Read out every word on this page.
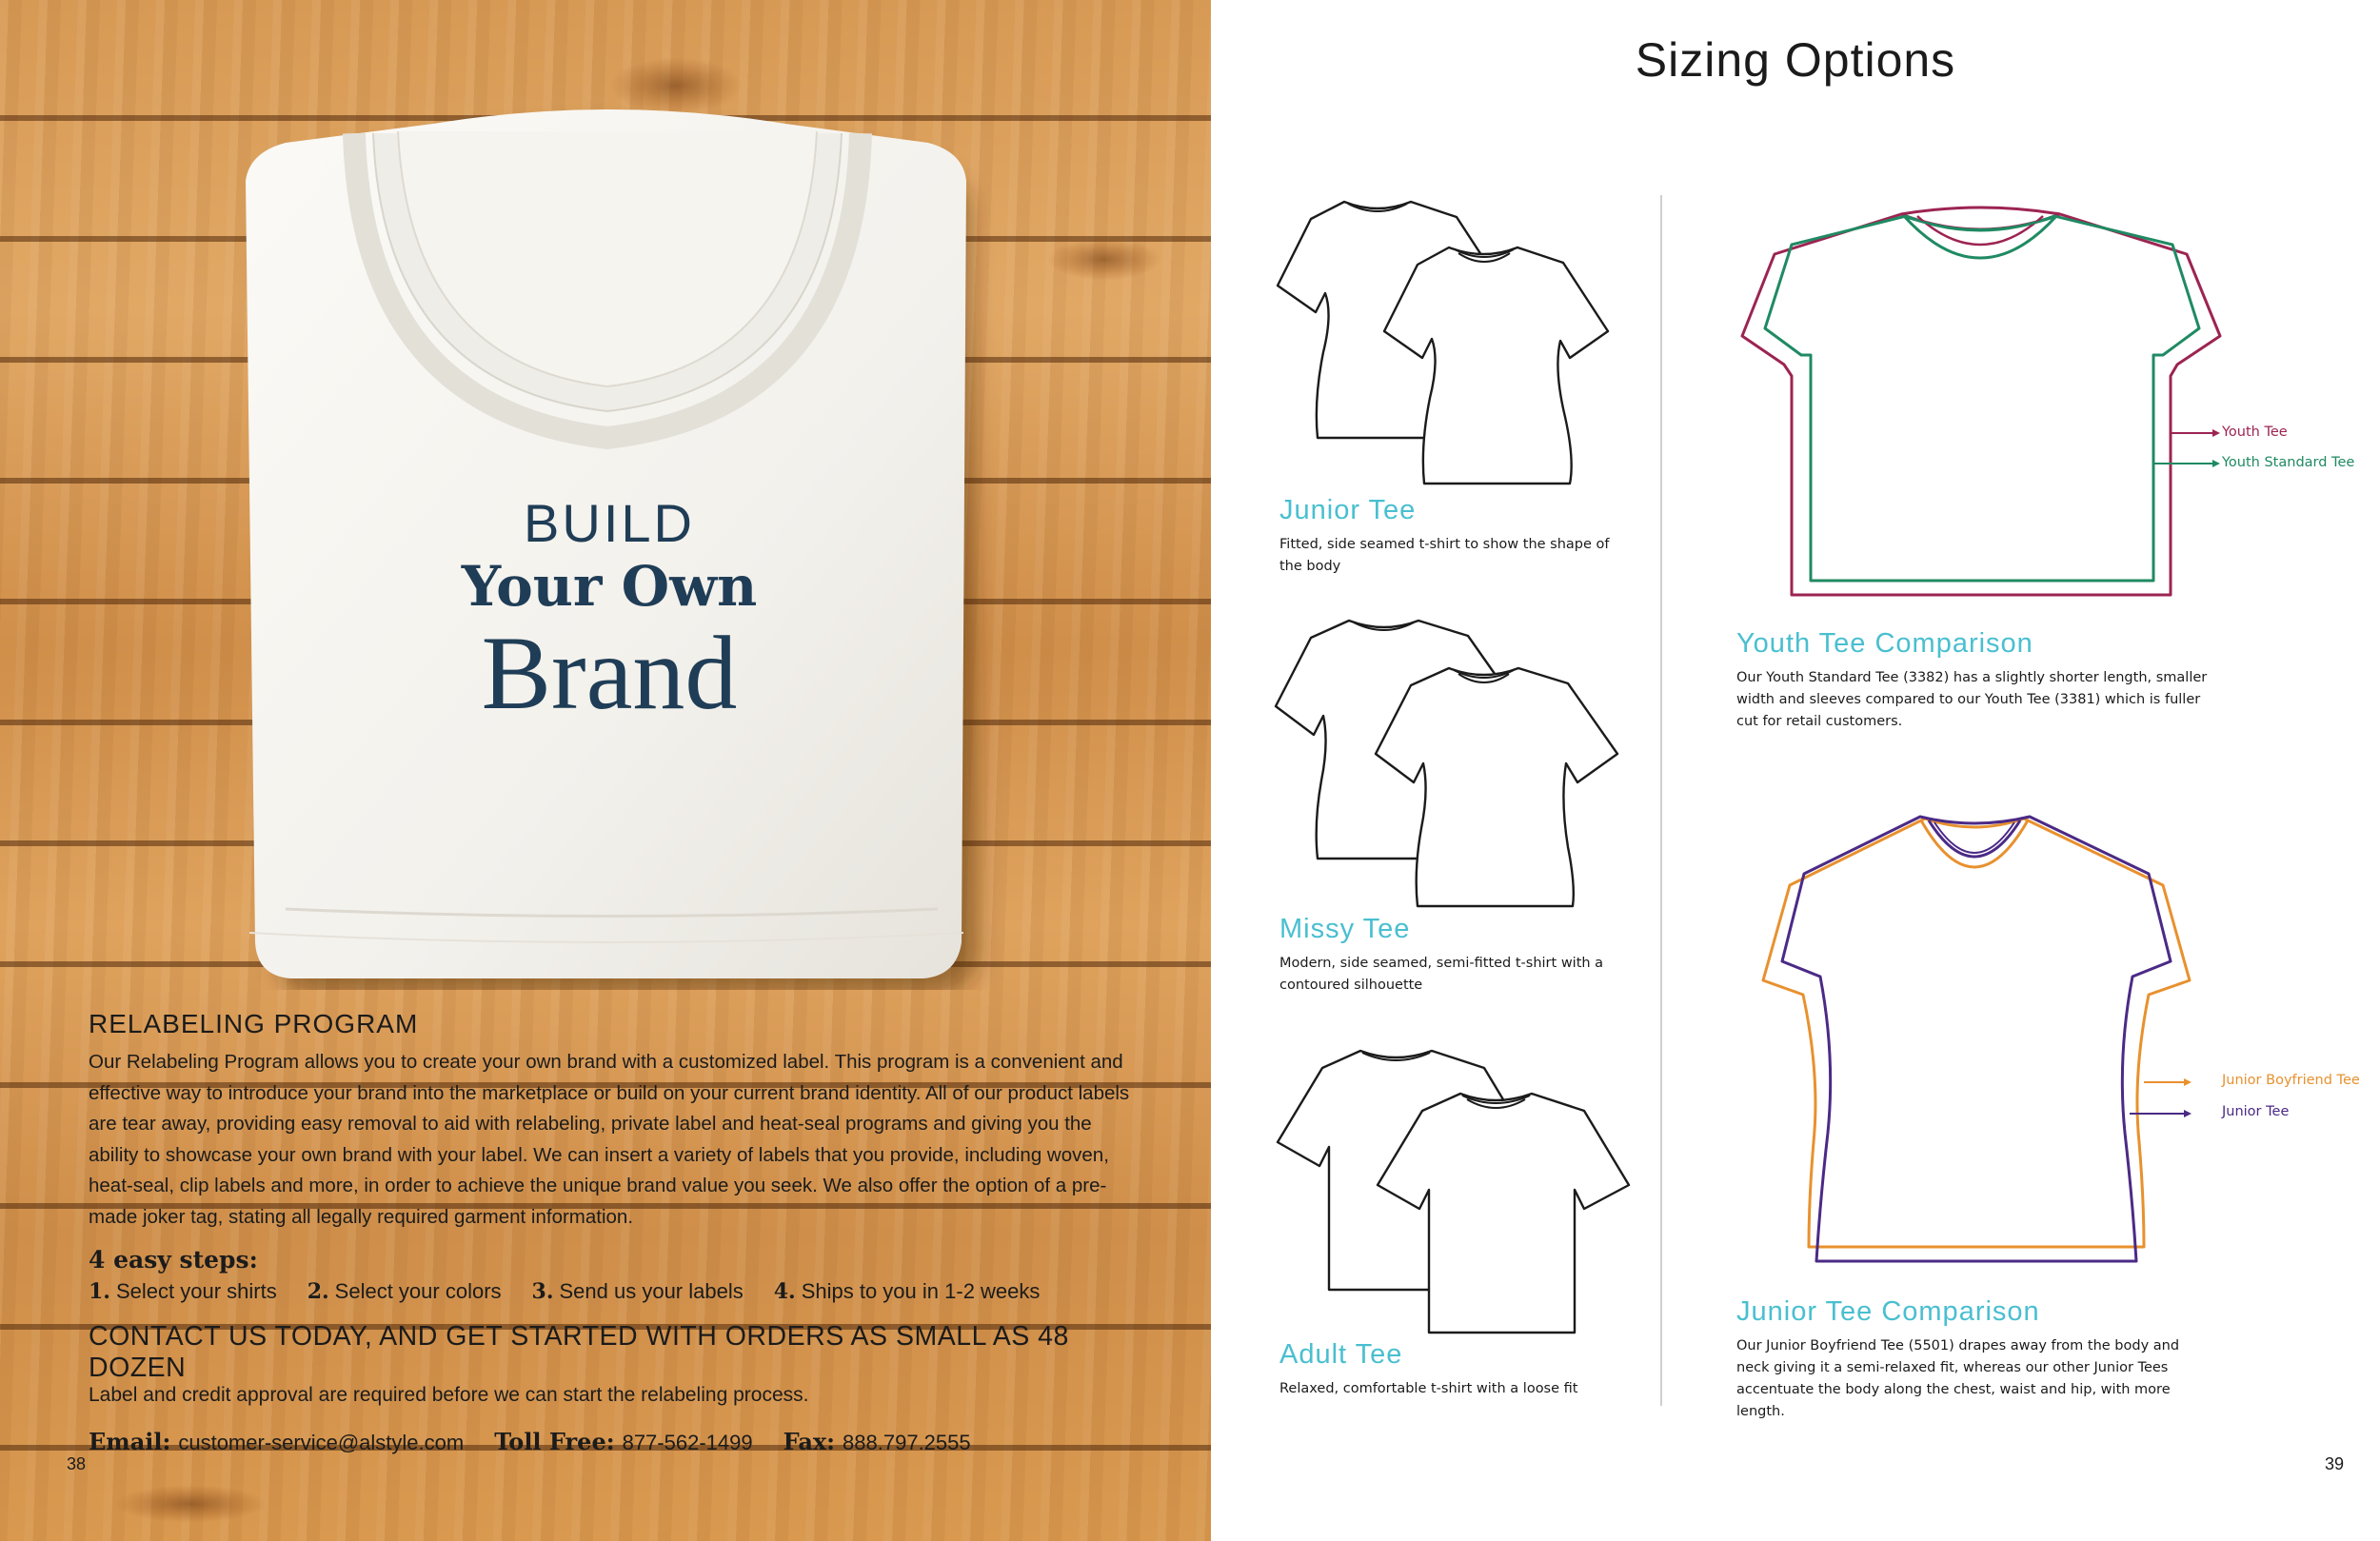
BUILD
Your Own
Brand
RELABELING PROGRAM
Our Relabeling Program allows you to create your own brand with a customized label. This program is a convenient and effective way to introduce your brand into the marketplace or build on your current brand identity. All of our product labels are tear away, providing easy removal to aid with relabeling, private label and heat-seal programs and giving you the ability to showcase your own brand with your label. We can insert a variety of labels that you provide, including woven, heat-seal, clip labels and more, in order to achieve the unique brand value you seek. We also offer the option of a pre-made joker tag, stating all legally required garment information.
4 easy steps:
1. Select your shirts 2. Select your colors 3. Send us your labels 4. Ships to you in 1-2 weeks
CONTACT US TODAY, AND GET STARTED WITH ORDERS AS SMALL AS 48 DOZEN
Label and credit approval are required before we can start the relabeling process.
Email: customer-service@alstyle.com Toll Free: 877-562-1499 Fax: 888.797.2555
38
Sizing Options
Junior Tee
Fitted, side seamed t-shirt to show the shape of the body
Missy Tee
Modern, side seamed, semi-fitted t-shirt with a contoured silhouette
Adult Tee
Relaxed, comfortable t-shirt with a loose fit
Youth Tee
Youth Standard Tee
Youth Tee Comparison
Our Youth Standard Tee (3382) has a slightly shorter length, smaller width and sleeves compared to our Youth Tee (3381) which is fuller cut for retail customers.
Junior Boyfriend Tee
Junior Tee
Junior Tee Comparison
Our Junior Boyfriend Tee (5501) drapes away from the body and neck giving it a semi-relaxed fit, whereas our other Junior Tees accentuate the body along the chest, waist and hip, with more length.
39
